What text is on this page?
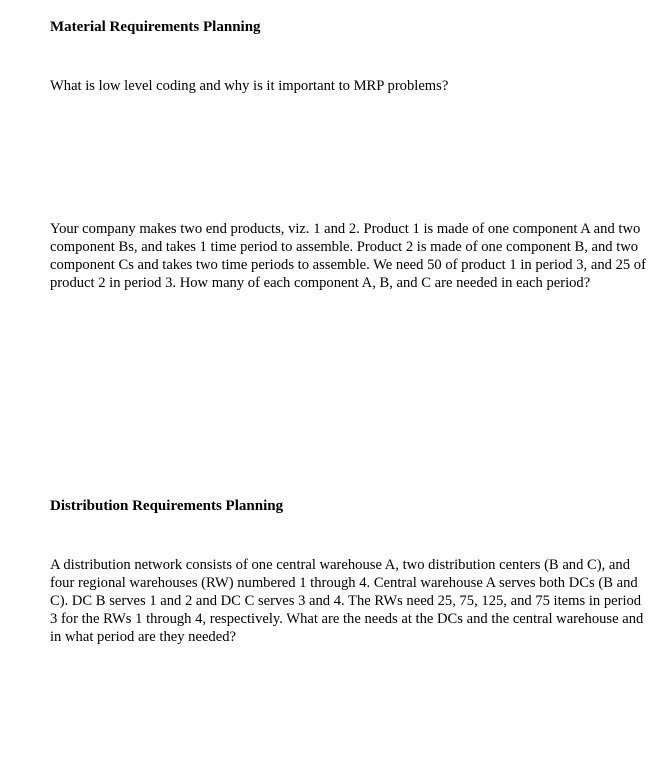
Material Requirements Planning
What is low level coding and why is it important to MRP problems?
Your company makes two end products, viz. 1 and 2. Product 1 is made of one component A and two component Bs, and takes 1 time period to assemble. Product 2 is made of one component B, and two component Cs and takes two time periods to assemble. We need 50 of product 1 in period 3, and 25 of product 2 in period 3. How many of each component A, B, and C are needed in each period?
Distribution Requirements Planning
A distribution network consists of one central warehouse A, two distribution centers (B and C), and four regional warehouses (RW) numbered 1 through 4. Central warehouse A serves both DCs (B and C). DC B serves 1 and 2 and DC C serves 3 and 4. The RWs need 25, 75, 125, and 75 items in period 3 for the RWs 1 through 4, respectively. What are the needs at the DCs and the central warehouse and in what period are they needed?
